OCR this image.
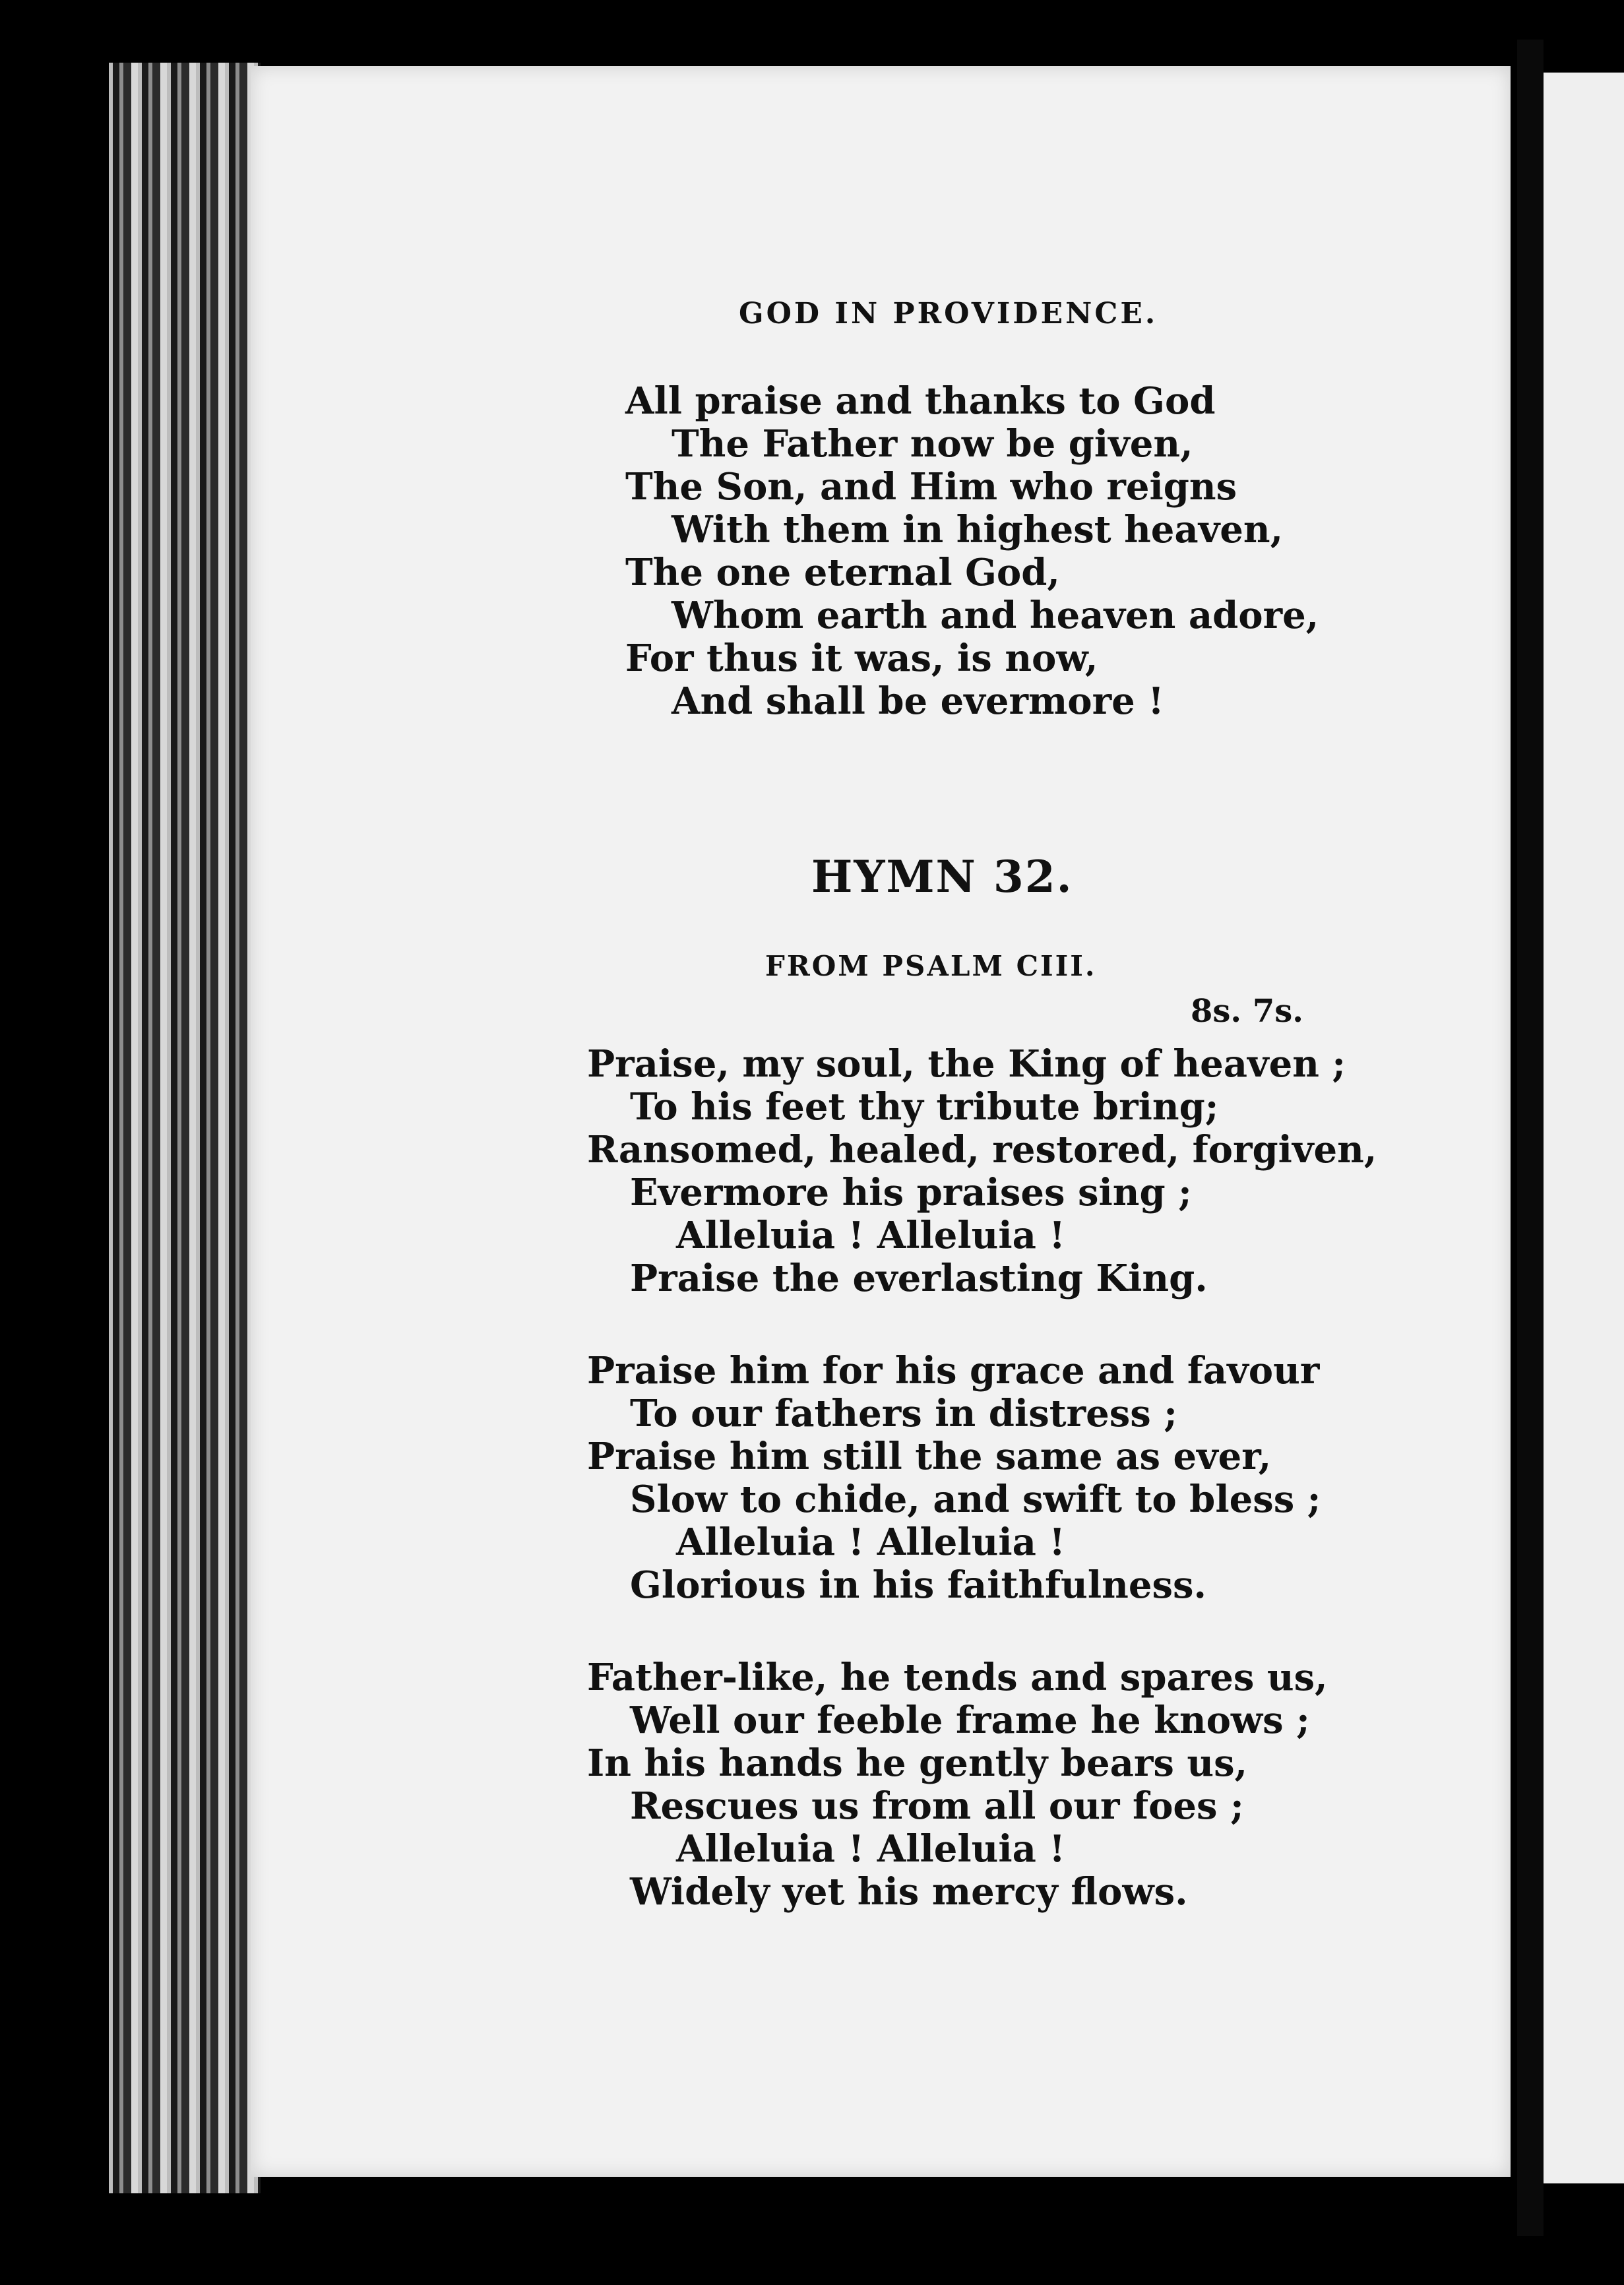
GOD IN PROVIDENCE.
All praise and thanks to God
The Father now be given,
The Son, and Him who reigns
With them in highest heaven,
The one eternal God,
Whom earth and heaven adore,
For thus it was, is now,
And shall be evermore !
HYMN 32.
FROM PSALM CIII.
8s. 7s.
Praise, my soul, the King of heaven ;
To his feet thy tribute bring;
Ransomed, healed, restored, forgiven,
Evermore his praises sing ;
Alleluia ! Alleluia !
Praise the everlasting King.
Praise him for his grace and favour
To our fathers in distress ;
Praise him still the same as ever,
Slow to chide, and swift to bless ;
Alleluia ! Alleluia !
Glorious in his faithfulness.
Father-like, he tends and spares us,
Well our feeble frame he knows ;
In his hands he gently bears us,
Rescues us from all our foes ;
Alleluia ! Alleluia !
Widely yet his mercy flows.
